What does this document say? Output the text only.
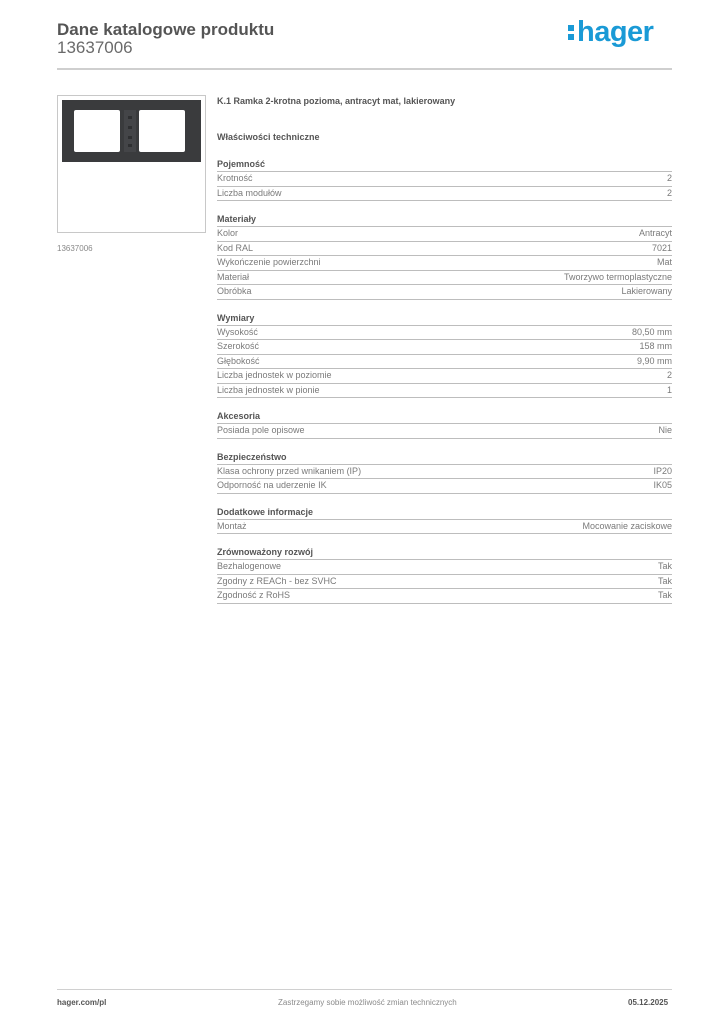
Dane katalogowe produktu
13637006	hager
13637006
K.1 Ramka 2-krotna pozioma, antracyt mat, lakierowany
Właściwości techniczne
Pojemność
Krotność	2
Liczba modułów	2
Materiały
Kolor	Antracyt
Kod RAL	7021
Wykończenie powierzchni	Mat
Materiał	Tworzywo termoplastyczne
Obróbka	Lakierowany
Wymiary
Wysokość	80,50 mm
Szerokość	158 mm
Głębokość	9,90 mm
Liczba jednostek w poziomie	2
Liczba jednostek w pionie	1
Akcesoria
Posiada pole opisowe	Nie
Bezpieczeństwo
Klasa ochrony przed wnikaniem (IP)	IP20
Odporność na uderzenie IK	IK05
Dodatkowe informacje
Montaż	Mocowanie zaciskowe
Zrównoważony rozwój
Bezhalogenowe	Tak
Zgodny z REACh - bez SVHC	Tak
Zgodność z RoHS	Tak
hager.com/pl	Zastrzegamy sobie możliwość zmian technicznych	05.12.2025
